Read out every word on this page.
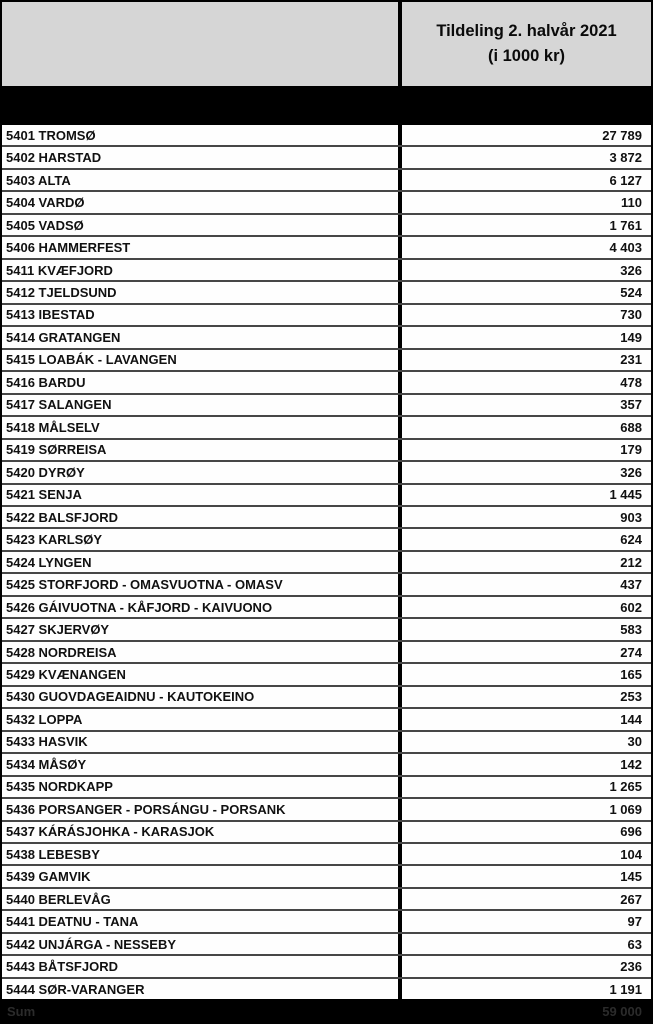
Tildeling 2. halvår 2021
(i 1000 kr)
5401 TROMSØ	27 789
5402 HARSTAD	3 872
5403 ALTA	6 127
5404 VARDØ	110
5405 VADSØ	1 761
5406 HAMMERFEST	4 403
5411 KVÆFJORD	326
5412 TJELDSUND	524
5413 IBESTAD	730
5414 GRATANGEN	149
5415 LOABÁK - LAVANGEN	231
5416 BARDU	478
5417 SALANGEN	357
5418 MÅLSELV	688
5419 SØRREISA	179
5420 DYRØY	326
5421 SENJA	1 445
5422 BALSFJORD	903
5423 KARLSØY	624
5424 LYNGEN	212
5425 STORFJORD - OMASVUOTNA - OMASV	437
5426 GÁIVUOTNA - KÅFJORD - KAIVUONO	602
5427 SKJERVØY	583
5428 NORDREISA	274
5429 KVÆNANGEN	165
5430 GUOVDAGEAIDNU - KAUTOKEINO	253
5432 LOPPA	144
5433 HASVIK	30
5434 MÅSØY	142
5435 NORDKAPP	1 265
5436 PORSANGER - PORSÁNGU - PORSANK	1 069
5437 KÁRÁSJOHKA - KARASJOK	696
5438 LEBESBY	104
5439 GAMVIK	145
5440 BERLEVÅG	267
5441 DEATNU - TANA	97
5442 UNJÁRGA - NESSEBY	63
5443 BÅTSFJORD	236
5444 SØR-VARANGER	1 191
Sum	59 000
